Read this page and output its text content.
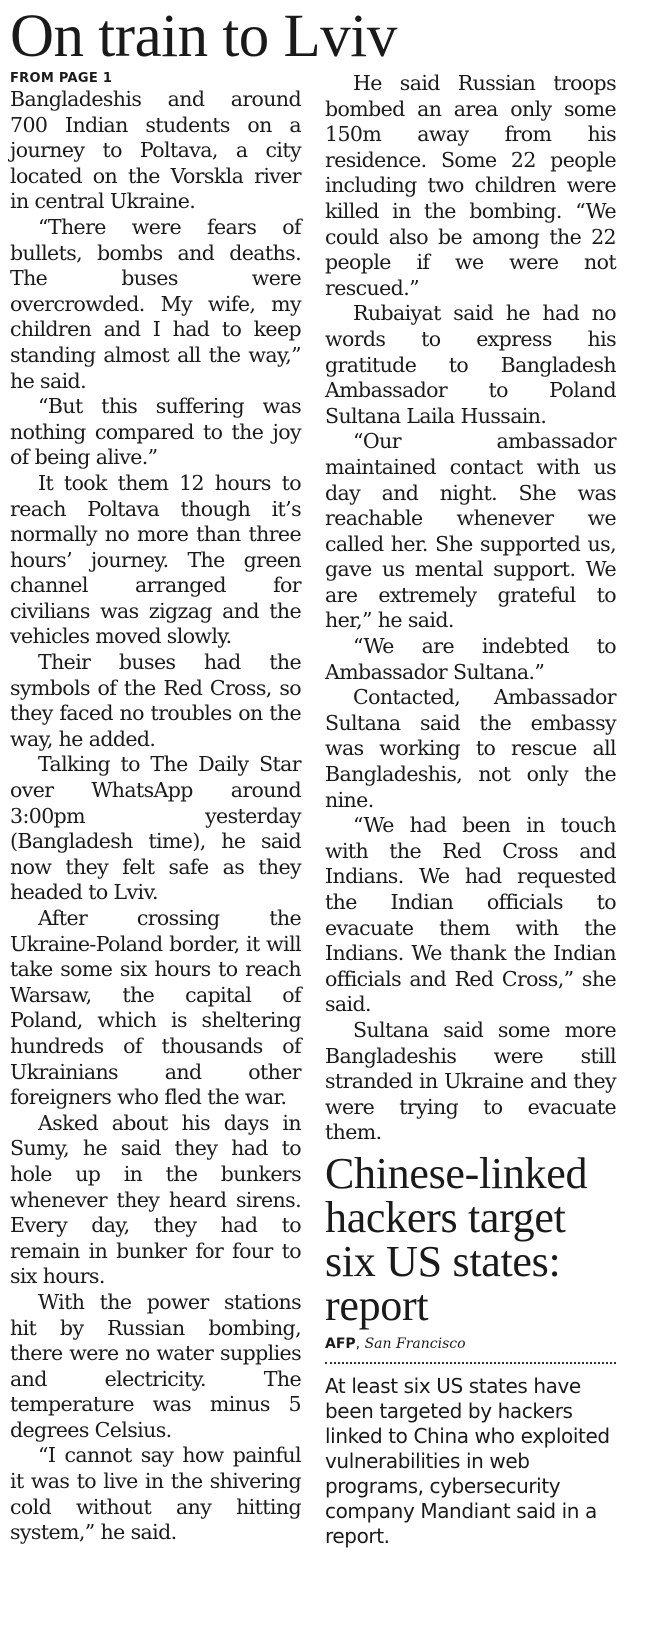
On train to Lviv
FROM PAGE 1

Bangladeshis and around 700 Indian students on a journey to Poltava, a city located on the Vorskla river in central Ukraine.

“There were fears of bullets, bombs and deaths. The buses were overcrowded. My wife, my children and I had to keep standing almost all the way,” he said.

“But this suffering was nothing compared to the joy of being alive.”

It took them 12 hours to reach Poltava though it’s normally no more than three hours’ journey. The green channel arranged for civilians was zigzag and the vehicles moved slowly.

Their buses had the symbols of the Red Cross, so they faced no troubles on the way, he added.

Talking to The Daily Star over WhatsApp around 3:00pm yesterday (Bangladesh time), he said now they felt safe as they headed to Lviv.

After crossing the Ukraine-Poland border, it will take some six hours to reach Warsaw, the capital of Poland, which is sheltering hundreds of thousands of Ukrainians and other foreigners who fled the war.

Asked about his days in Sumy, he said they had to hole up in the bunkers whenever they heard sirens. Every day, they had to remain in bunker for four to six hours.

With the power stations hit by Russian bombing, there were no water supplies and electricity. The temperature was minus 5 degrees Celsius.

“I cannot say how painful it was to live in the shivering cold without any hitting system,” he said.

He said Russian troops bombed an area only some 150m away from his residence. Some 22 people including two children were killed in the bombing. “We could also be among the 22 people if we were not rescued.”

Rubaiyat said he had no words to express his gratitude to Bangladesh Ambassador to Poland Sultana Laila Hussain.

“Our ambassador maintained contact with us day and night. She was reachable whenever we called her. She supported us, gave us mental support. We are extremely grateful to her,” he said.

“We are indebted to Ambassador Sultana.”

Contacted, Ambassador Sultana said the embassy was working to rescue all Bangladeshis, not only the nine.

“We had been in touch with the Red Cross and Indians. We had requested the Indian officials to evacuate them with the Indians. We thank the Indian officials and Red Cross,” she said.

Sultana said some more Bangladeshis were still stranded in Ukraine and they were trying to evacuate them.

Chinese-linked hackers target six US states: report
AFP, San Francisco

At least six US states have been targeted by hackers linked to China who exploited vulnerabilities in web programs, cybersecurity company Mandiant said in a report.
